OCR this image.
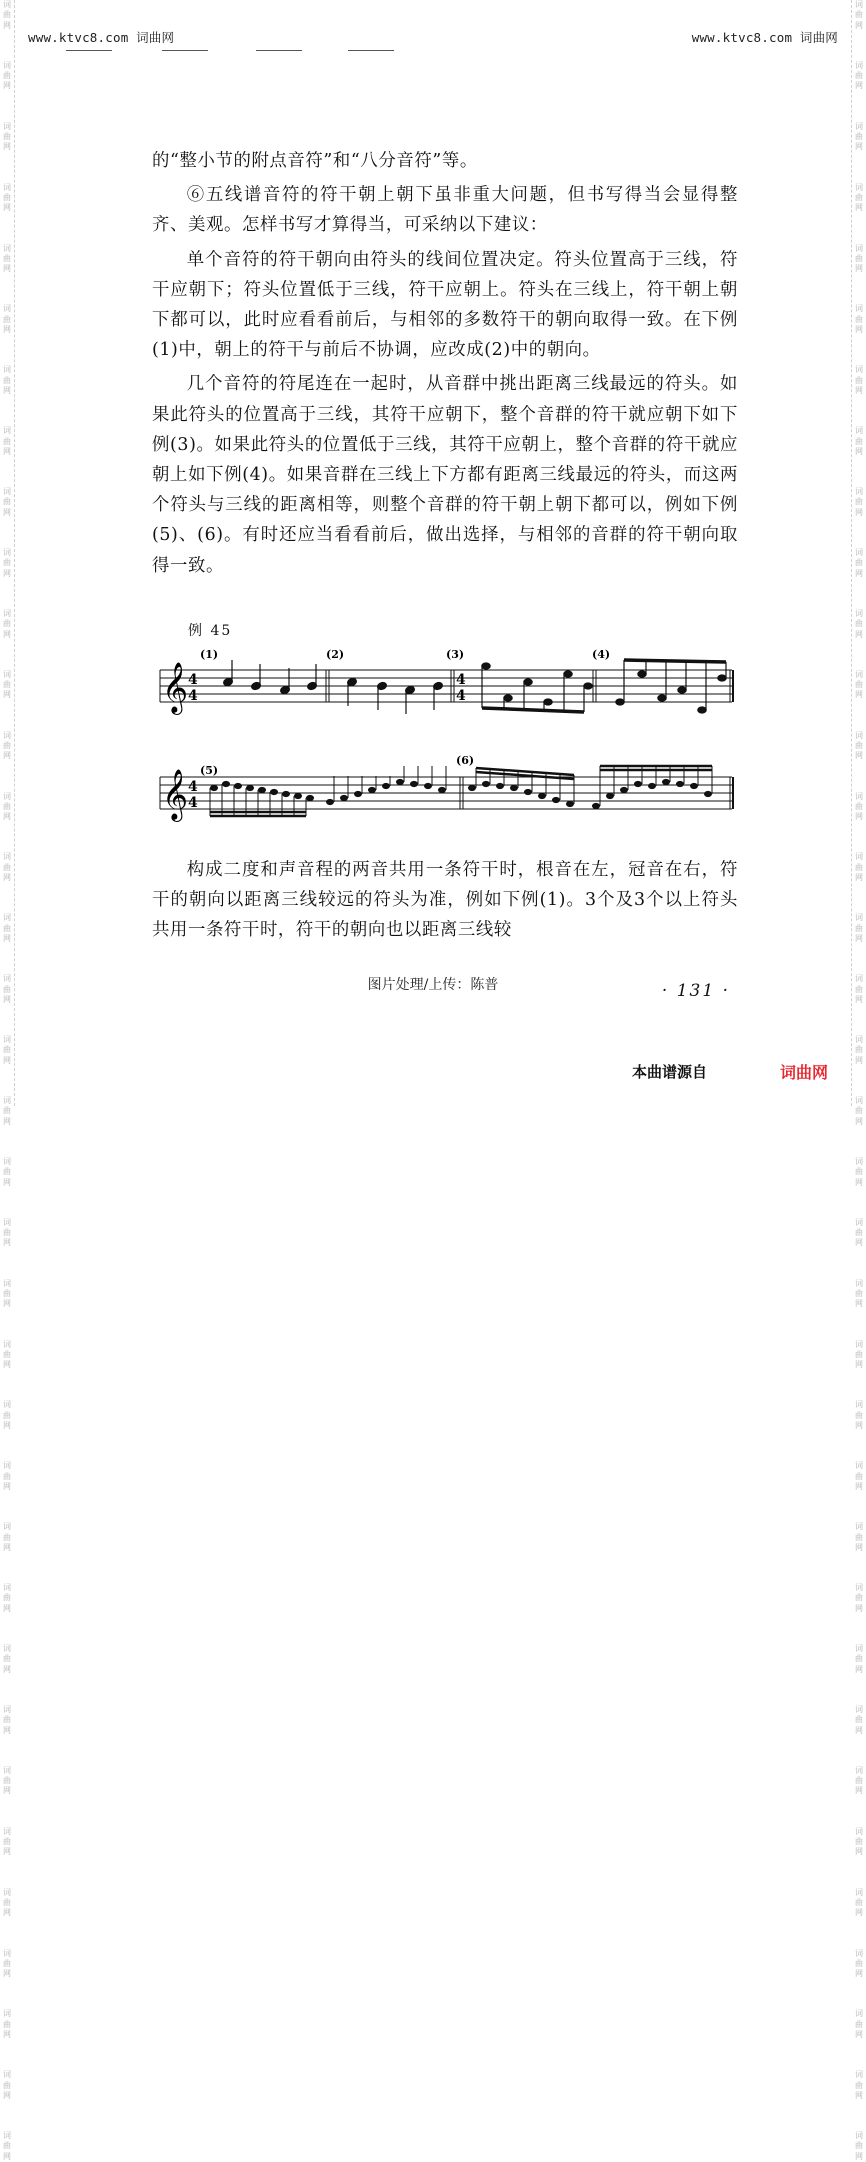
词
曲
网
词
曲
网
词
曲
网
词
曲
网
词
曲
网
词
曲
网
词
曲
网
词
曲
网
词
曲
网
词
曲
网
词
曲
网
词
曲
网
词
曲
网
词
曲
网
词
曲
网
词
曲
网
词
曲
网
词
曲
网
词
曲
网
词
曲
网
词
曲
网
词
曲
网
词
曲
网
词
曲
网
词
曲
网
词
曲
网
词
曲
网
词
曲
网
词
曲
网
词
曲
网
词
曲
网
词
曲
网
词
曲
网
词
曲
网
词
曲
网
词
曲
网
词
曲
网
词
曲
网
词
曲
网
词
曲
网
词
曲
网
词
曲
网
词
曲
网
词
曲
网
词
曲
网
词
曲
网
词
曲
网
词
曲
网
词
曲
网
词
曲
网
词
曲
网
词
曲
网
词
曲
网
词
曲
网
词
曲
网
词
曲
网
词
曲
网
词
曲
网
词
曲
网
词
曲
网
词
曲
网
词
曲
网
词
曲
网
词
曲
网
词
曲
网
词
曲
网
词
曲
网
词
曲
网
词
曲
网
词
曲
网
词
曲
网
词
曲
网
www.ktvc8.com 词曲网	www.ktvc8.com 词曲网

的“整小节的附点音符”和“八分音符”等。

⑥五线谱音符的符干朝上朝下虽非重大问题，但书写得当会显得整齐、美观。怎样书写才算得当，可采纳以下建议：

单个音符的符干朝向由符头的线间位置决定。符头位置高于三线，符干应朝下；符头位置低于三线，符干应朝上。符头在三线上，符干朝上朝下都可以，此时应看看前后，与相邻的多数符干的朝向取得一致。在下例(1)中，朝上的符干与前后不协调，应改成(2)中的朝向。

几个音符的符尾连在一起时，从音群中挑出距离三线最远的符头。如果此符头的位置高于三线，其符干应朝下，整个音群的符干就应朝下如下例(3)。如果此符头的位置低于三线，其符干应朝上，整个音群的符干就应朝上如下例(4)。如果音群在三线上下方都有距离三线最远的符头，而这两个符头与三线的距离相等，则整个音群的符干朝上朝下都可以，例如下例(5)、(6)。有时还应当看看前后，做出选择，与相邻的音群的符干朝向取得一致。

例 45
𝄞
𝄞
4
4
4
4
4
4
(1)	(2)	(3)	(4)
(5)
(6)

构成二度和声音程的两音共用一条符干时，根音在左，冠音在右，符干的朝向以距离三线较远的符头为准，例如下例(1)。3个及3个以上符头共用一条符干时，符干的朝向也以距离三线较

图片处理/上传：陈普	· 131 ·
本曲谱源自	词曲网
